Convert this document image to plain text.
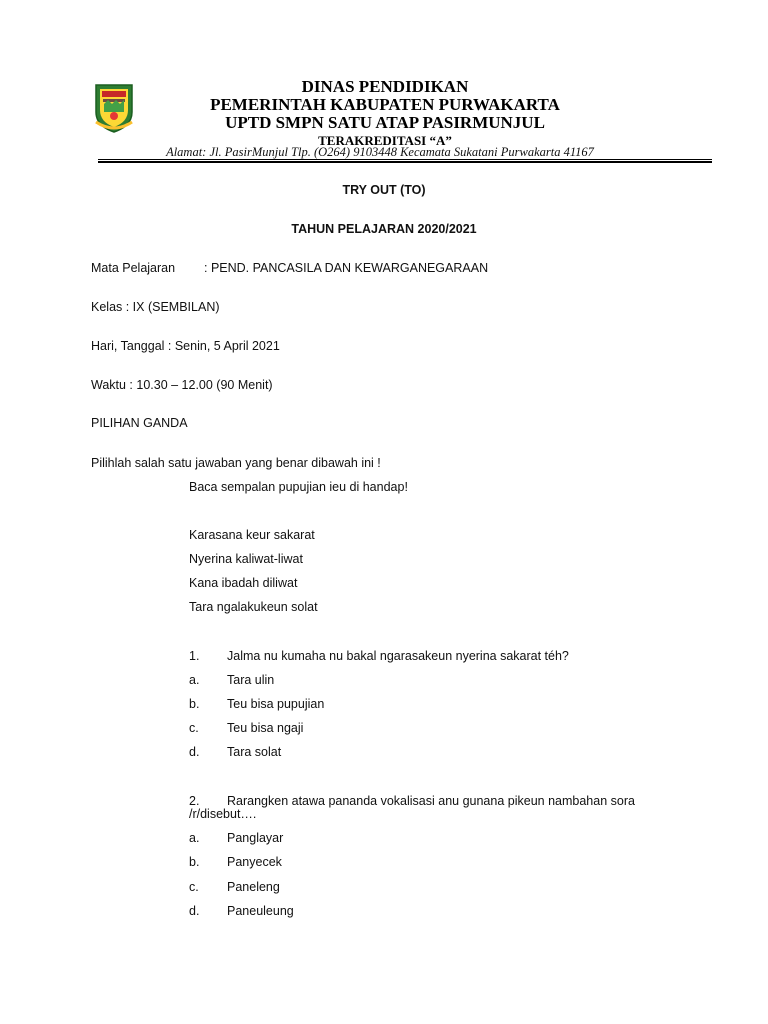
DINAS PENDIDIKAN
PEMERINTAH KABUPATEN PURWAKARTA
UPTD SMPN SATU ATAP PASIRMUNJUL
TERAKREDITASI “A”
Alamat: Jl. PasirMunjul Tlp. (O264) 9103448 Kecamata Sukatani Purwakarta 41167
TRY OUT (TO)
TAHUN PELAJARAN 2020/2021
Mata Pelajaran : PEND. PANCASILA DAN KEWARGANEGARAAN
Kelas : IX (SEMBILAN)
Hari, Tanggal : Senin, 5 April 2021
Waktu : 10.30 – 12.00 (90 Menit)
PILIHAN GANDA
Pilihlah salah satu jawaban yang benar dibawah ini !
Baca sempalan pupujian ieu di handap!
Karasana keur sakarat
Nyerina kaliwat-liwat
Kana ibadah diliwat
Tara ngalakukeun solat
1. Jalma nu kumaha nu bakal ngarasakeun nyerina sakarat téh?
a. Tara ulin
b. Teu bisa pupujian
c. Teu bisa ngaji
d. Tara solat
2.	Rarangken atawa pananda vokalisasi anu gunana pikeun nambahan sora /r/disebut….
a. Panglayar
b. Panyecek
c. Paneleng
d. Paneuleung
